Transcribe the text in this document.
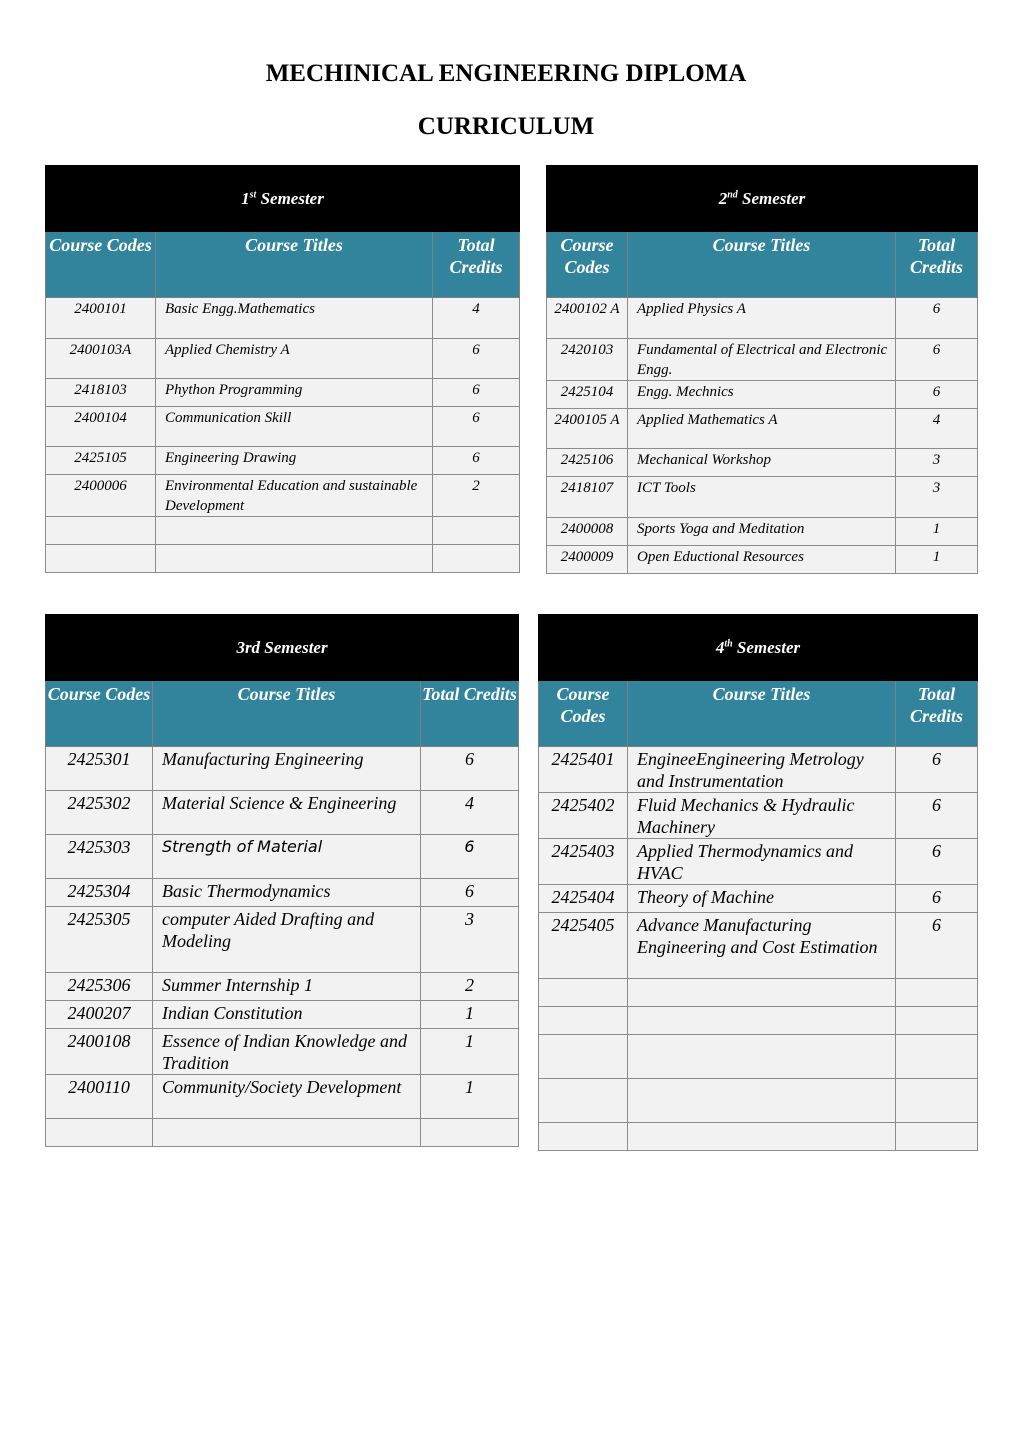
MECHINICAL ENGINEERING DIPLOMA
CURRICULUM
1st Semester		
Course Codes	Course Titles	Total Credits
2400101	Basic Engg.Mathematics	4
2400103A	Applied Chemistry A	6
2418103	Phython Programming	6
2400104	Communication Skill	6
2425105	Engineering Drawing	6
2400006	Environmental Education and sustainable Development	2

2nd Semester		
Course Codes	Course Titles	Total Credits
2400102 A	Applied Physics A	6
2420103	Fundamental of Electrical and Electronic Engg.	6
2425104	Engg. Mechnics	6
2400105 A	Applied Mathematics A	4
2425106	Mechanical Workshop	3
2418107	ICT Tools	3
2400008	Sports Yoga and Meditation	1
2400009	Open Eductional Resources	1
3rd Semester		
Course Codes	Course Titles	Total Credits
2425301	Manufacturing Engineering	6
2425302	Material Science & Engineering	4
2425303	Strength of Material	6
2425304	Basic Thermodynamics	6
2425305	computer Aided Drafting and Modeling	3
2425306	Summer Internship 1	2
2400207	Indian Constitution	1
2400108	Essence of Indian Knowledge and Tradition	1
2400110	Community/Society Development	1

4th Semester		
Course Codes	Course Titles	Total Credits
2425401	EngineeEngineering Metrology and Instrumentation	6
2425402	Fluid Mechanics & Hydraulic Machinery	6
2425403	Applied Thermodynamics and HVAC	6
2425404	Theory of Machine	6
2425405	Advance Manufacturing Engineering and Cost Estimation	6
